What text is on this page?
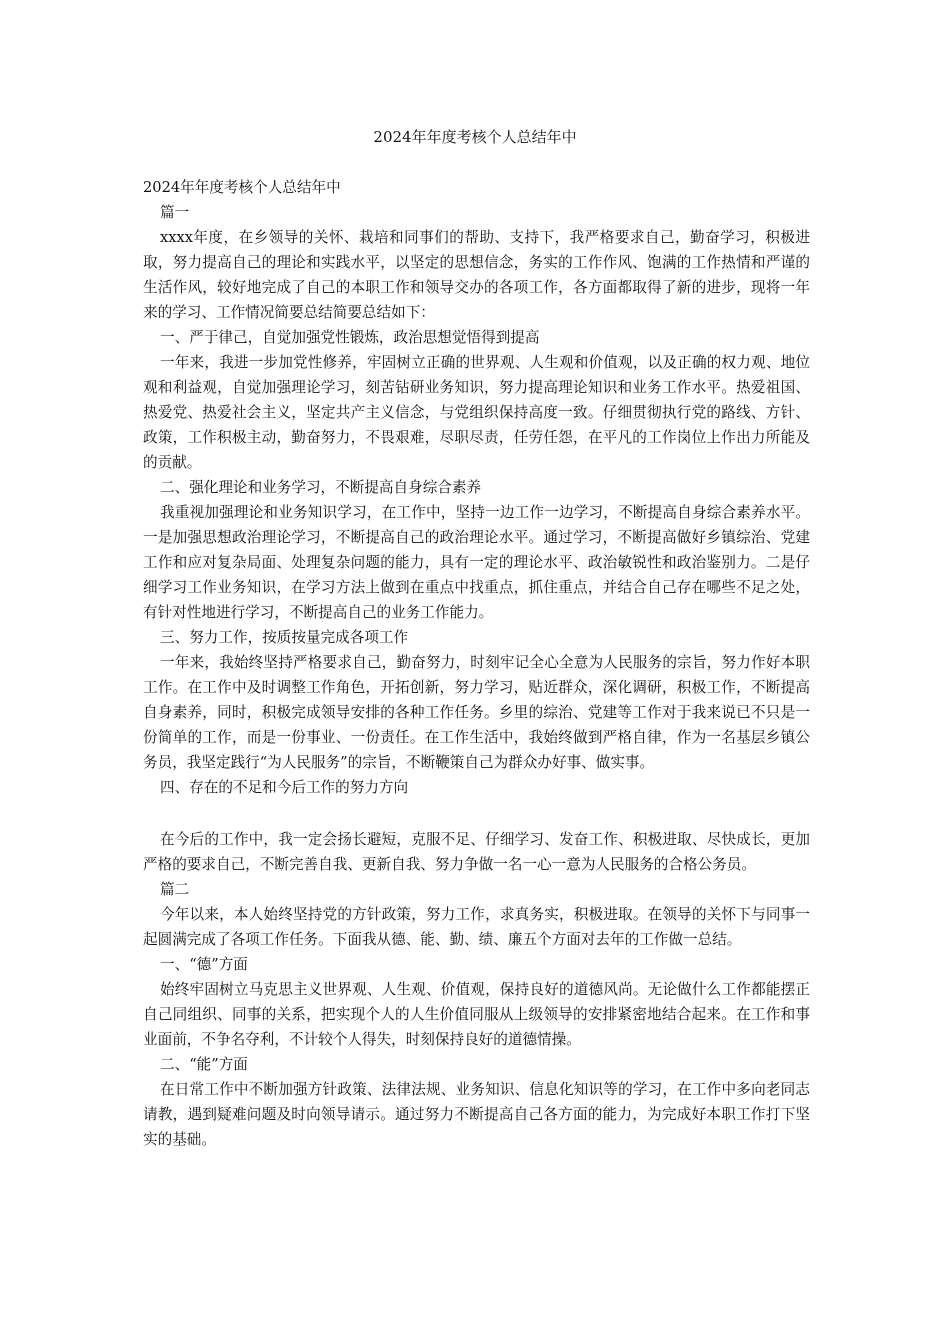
2024年年度考核个人总结年中

2024年年度考核个人总结年中

篇一

xxxx年度，在乡领导的关怀、栽培和同事们的帮助、支持下，我严格要求自己，勤奋学习，积极进取，努力提高自己的理论和实践水平，以坚定的思想信念，务实的工作作风、饱满的工作热情和严谨的生活作风，较好地完成了自己的本职工作和领导交办的各项工作，各方面都取得了新的进步，现将一年来的学习、工作情况简要总结简要总结如下：

一、严于律己，自觉加强党性锻炼，政治思想觉悟得到提高

一年来，我进一步加党性修养，牢固树立正确的世界观、人生观和价值观，以及正确的权力观、地位观和利益观，自觉加强理论学习，刻苦钻研业务知识，努力提高理论知识和业务工作水平。热爱祖国、热爱党、热爱社会主义，坚定共产主义信念，与党组织保持高度一致。仔细贯彻执行党的路线、方针、政策，工作积极主动，勤奋努力，不畏艰难，尽职尽责，任劳任怨，在平凡的工作岗位上作出力所能及的贡献。

二、强化理论和业务学习，不断提高自身综合素养

我重视加强理论和业务知识学习，在工作中，坚持一边工作一边学习，不断提高自身综合素养水平。一是加强思想政治理论学习，不断提高自己的政治理论水平。通过学习，不断提高做好乡镇综治、党建工作和应对复杂局面、处理复杂问题的能力，具有一定的理论水平、政治敏锐性和政治鉴别力。二是仔细学习工作业务知识，在学习方法上做到在重点中找重点，抓住重点，并结合自己存在哪些不足之处，有针对性地进行学习，不断提高自己的业务工作能力。

三、努力工作，按质按量完成各项工作

一年来，我始终坚持严格要求自己，勤奋努力，时刻牢记全心全意为人民服务的宗旨，努力作好本职工作。在工作中及时调整工作角色，开拓创新，努力学习，贴近群众，深化调研，积极工作，不断提高自身素养，同时，积极完成领导安排的各种工作任务。乡里的综治、党建等工作对于我来说已不只是一份简单的工作，而是一份事业、一份责任。在工作生活中，我始终做到严格自律，作为一名基层乡镇公务员，我坚定践行“为人民服务”的宗旨，不断鞭策自己为群众办好事、做实事。

四、存在的不足和今后工作的努力方向

在今后的工作中，我一定会扬长避短，克服不足、仔细学习、发奋工作、积极进取、尽快成长，更加严格的要求自己，不断完善自我、更新自我、努力争做一名一心一意为人民服务的合格公务员。

篇二

今年以来，本人始终坚持党的方针政策，努力工作，求真务实，积极进取。在领导的关怀下与同事一起圆满完成了各项工作任务。下面我从德、能、勤、绩、廉五个方面对去年的工作做一总结。

一、“德”方面

始终牢固树立马克思主义世界观、人生观、价值观，保持良好的道德风尚。无论做什么工作都能摆正自己同组织、同事的关系，把实现个人的人生价值同服从上级领导的安排紧密地结合起来。在工作和事业面前，不争名夺利，不计较个人得失，时刻保持良好的道德情操。

二、“能”方面

在日常工作中不断加强方针政策、法律法规、业务知识、信息化知识等的学习，在工作中多向老同志请教，遇到疑难问题及时向领导请示。通过努力不断提高自己各方面的能力，为完成好本职工作打下坚实的基础。
